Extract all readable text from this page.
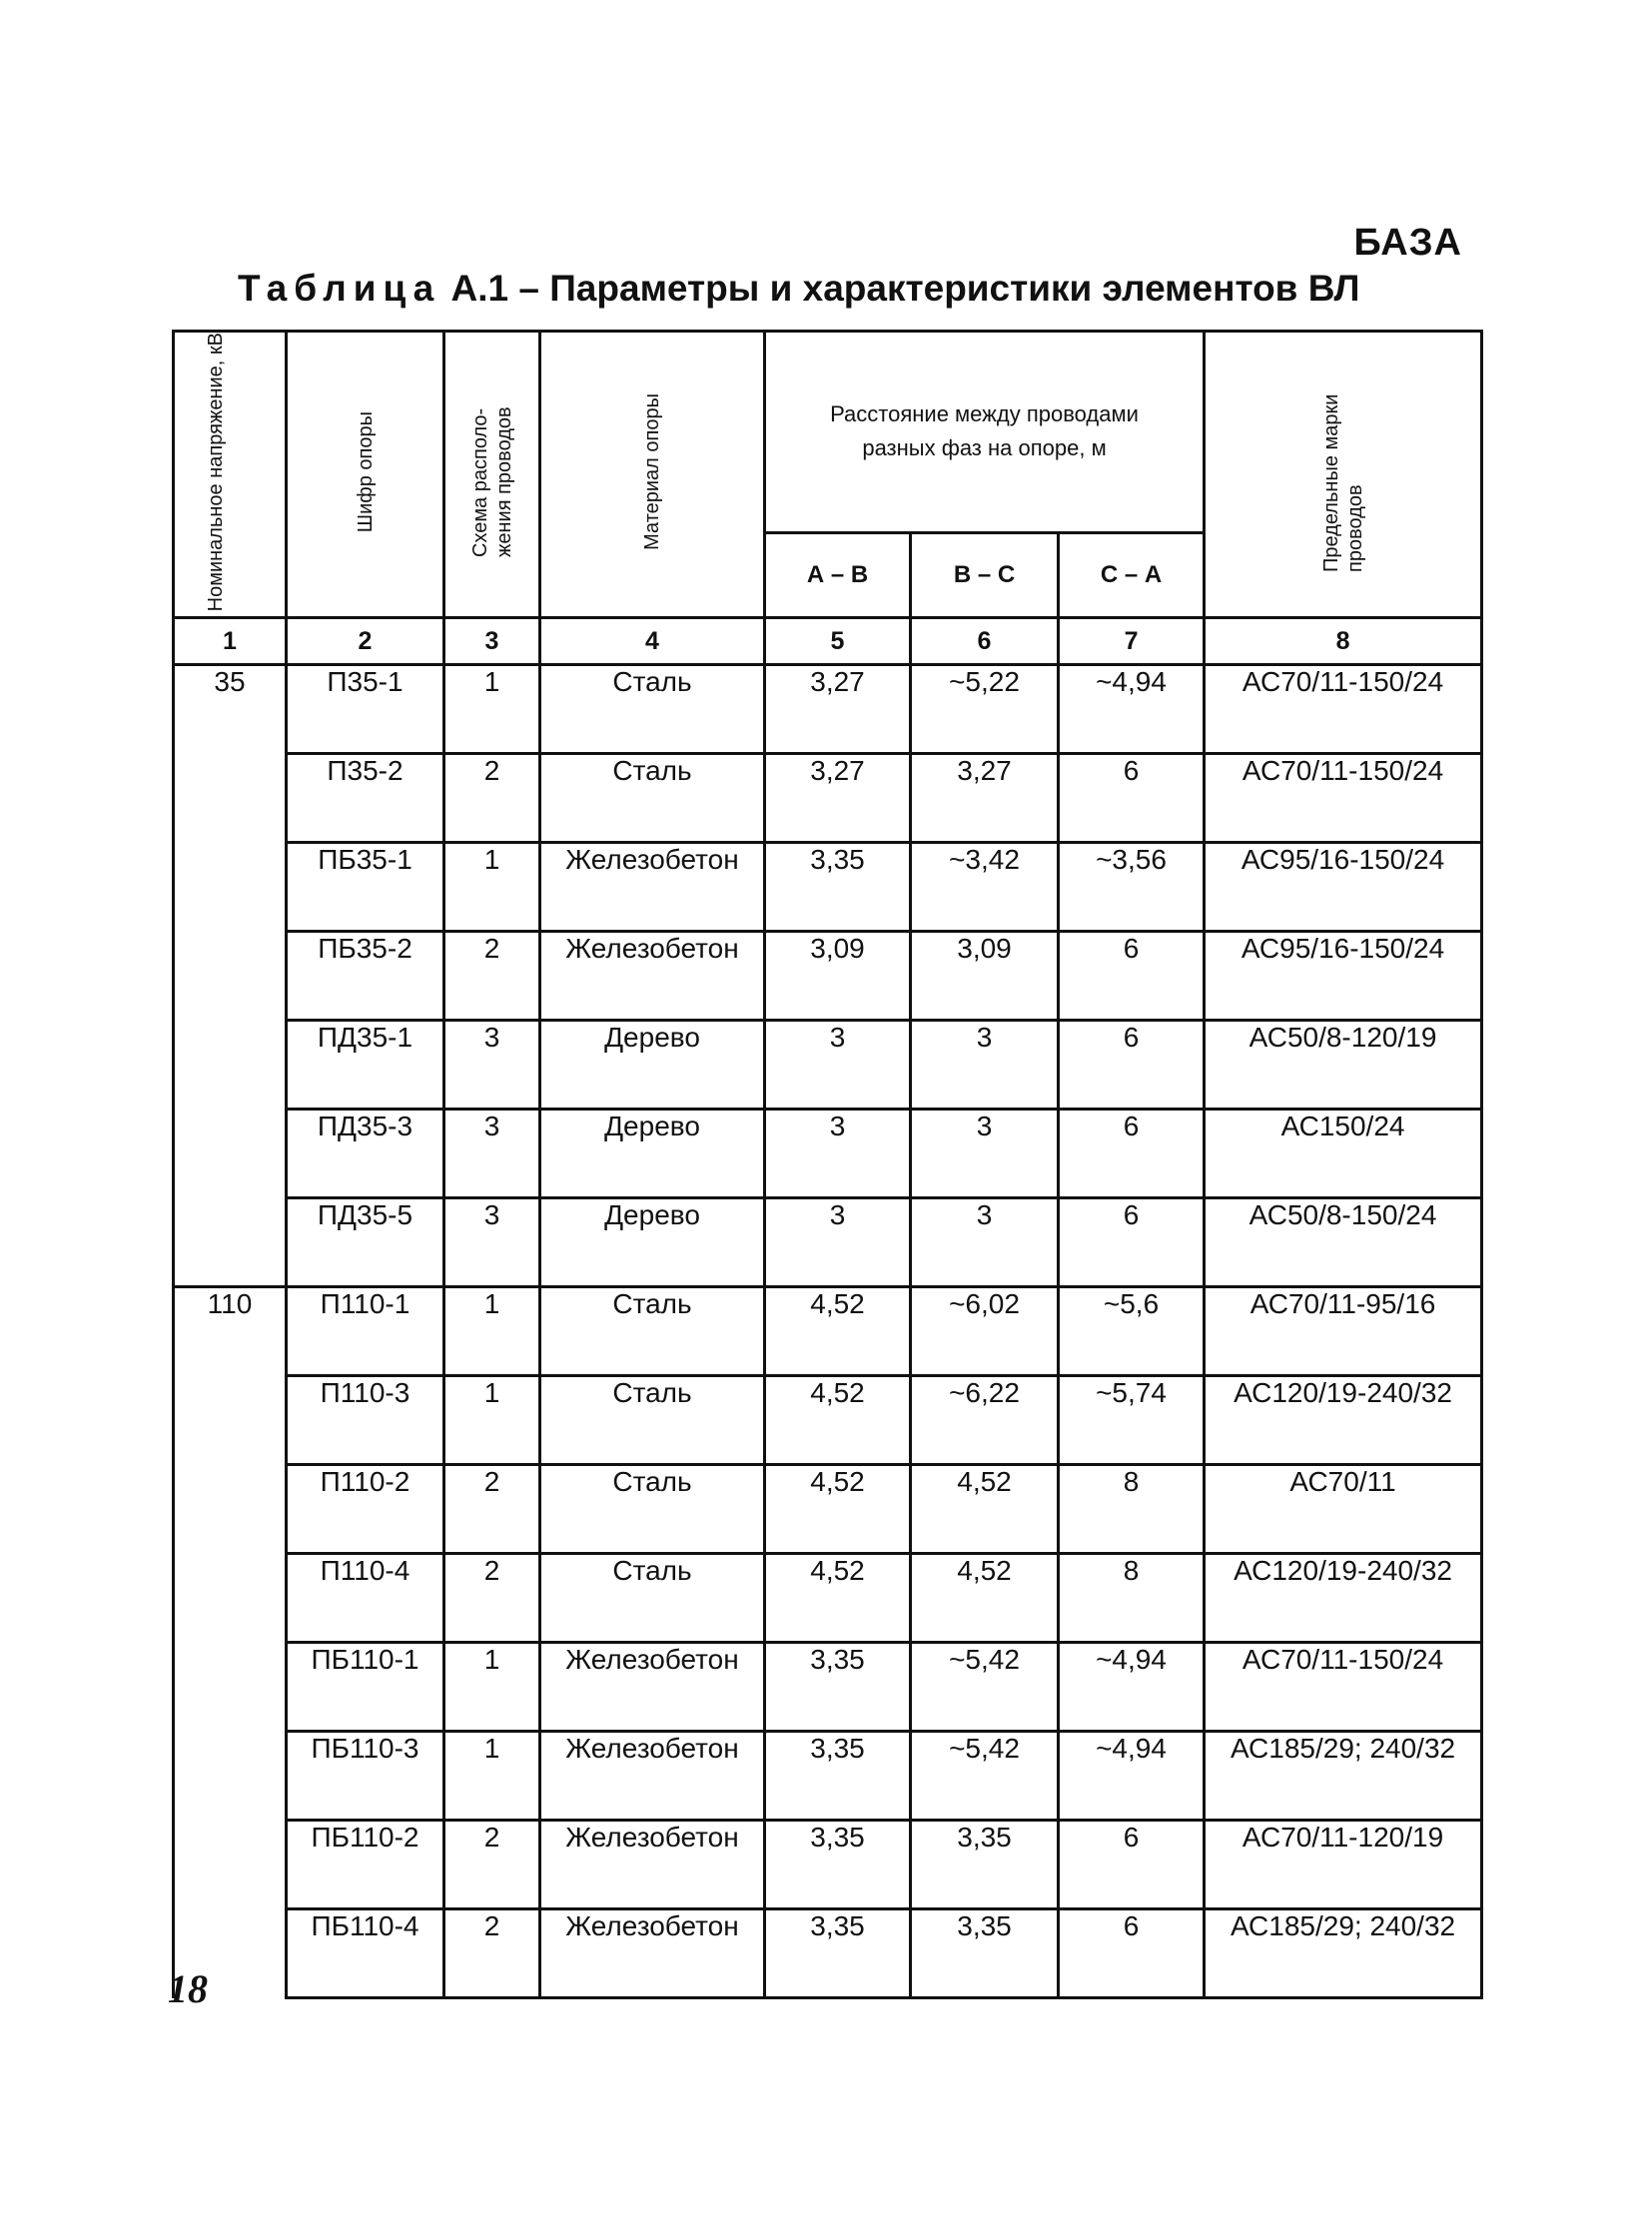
БАЗА
Таблица А.1 – Параметры и характеристики элементов ВЛ
Номинальное напряжение, кВ	Шифр опоры	Схема располо- жения проводов	Материал опоры	Расстояние между проводами разных фаз на опоре, м			Предельные марки проводов
				А – В	В – С	С – А	
1	2	3	4	5	6	7	8
35	П35-1	1	Сталь	3,27	~5,22	~4,94	АС70/11-150/24
	П35-2	2	Сталь	3,27	3,27	6	АС70/11-150/24
	ПБ35-1	1	Железобетон	3,35	~3,42	~3,56	АС95/16-150/24
	ПБ35-2	2	Железобетон	3,09	3,09	6	АС95/16-150/24
	ПД35-1	3	Дерево	3	3	6	АС50/8-120/19
	ПД35-3	3	Дерево	3	3	6	АС150/24
	ПД35-5	3	Дерево	3	3	6	АС50/8-150/24
110	П110-1	1	Сталь	4,52	~6,02	~5,6	АС70/11-95/16
	П110-3	1	Сталь	4,52	~6,22	~5,74	АС120/19-240/32
	П110-2	2	Сталь	4,52	4,52	8	АС70/11
	П110-4	2	Сталь	4,52	4,52	8	АС120/19-240/32
	ПБ110-1	1	Железобетон	3,35	~5,42	~4,94	АС70/11-150/24
	ПБ110-3	1	Железобетон	3,35	~5,42	~4,94	АС185/29; 240/32
	ПБ110-2	2	Железобетон	3,35	3,35	6	АС70/11-120/19
	ПБ110-4	2	Железобетон	3,35	3,35	6	АС185/29; 240/32
18
